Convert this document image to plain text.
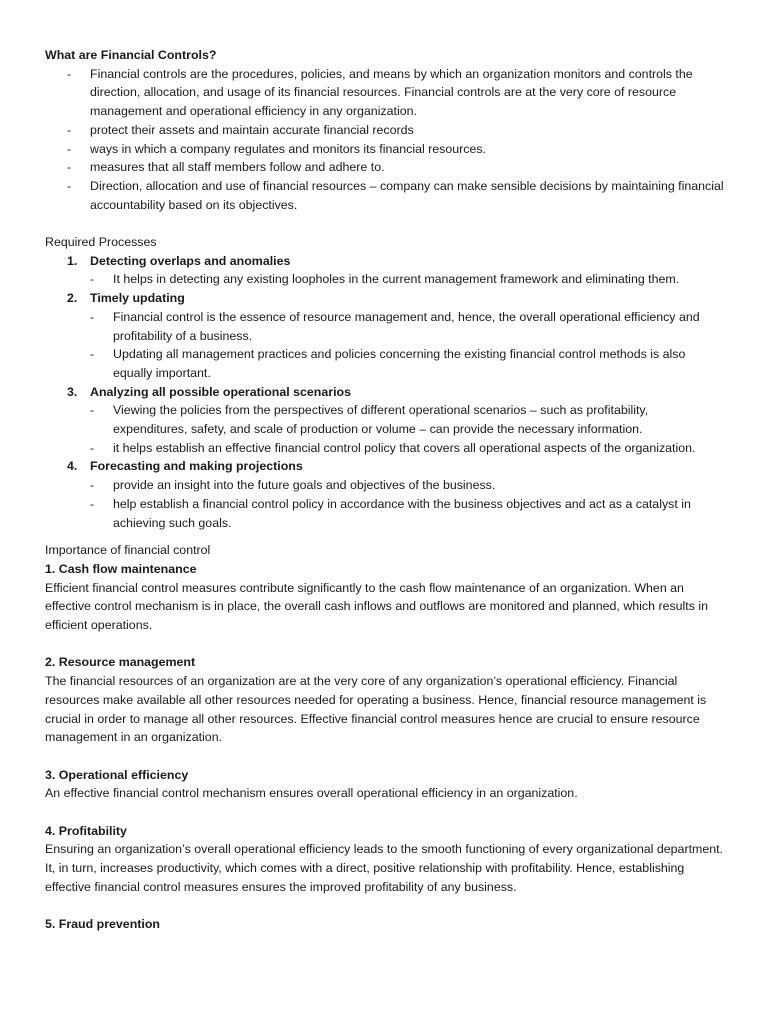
What are Financial Controls?
- Financial controls are the procedures, policies, and means by which an organization monitors and controls the direction, allocation, and usage of its financial resources. Financial controls are at the very core of resource management and operational efficiency in any organization.
- protect their assets and maintain accurate financial records
- ways in which a company regulates and monitors its financial resources.
- measures that all staff members follow and adhere to.
- Direction, allocation and use of financial resources – company can make sensible decisions by maintaining financial accountability based on its objectives.
Required Processes
1. Detecting overlaps and anomalies
- It helps in detecting any existing loopholes in the current management framework and eliminating them.
2. Timely updating
- Financial control is the essence of resource management and, hence, the overall operational efficiency and profitability of a business.
- Updating all management practices and policies concerning the existing financial control methods is also equally important.
3. Analyzing all possible operational scenarios
- Viewing the policies from the perspectives of different operational scenarios – such as profitability, expenditures, safety, and scale of production or volume – can provide the necessary information.
- it helps establish an effective financial control policy that covers all operational aspects of the organization.
4. Forecasting and making projections
- provide an insight into the future goals and objectives of the business.
- help establish a financial control policy in accordance with the business objectives and act as a catalyst in achieving such goals.
Importance of financial control
1. Cash flow maintenance
Efficient financial control measures contribute significantly to the cash flow maintenance of an organization. When an effective control mechanism is in place, the overall cash inflows and outflows are monitored and planned, which results in efficient operations.
2. Resource management
The financial resources of an organization are at the very core of any organization’s operational efficiency. Financial resources make available all other resources needed for operating a business. Hence, financial resource management is crucial in order to manage all other resources. Effective financial control measures hence are crucial to ensure resource management in an organization.
3. Operational efficiency
An effective financial control mechanism ensures overall operational efficiency in an organization.
4. Profitability
Ensuring an organization’s overall operational efficiency leads to the smooth functioning of every organizational department. It, in turn, increases productivity, which comes with a direct, positive relationship with profitability. Hence, establishing effective financial control measures ensures the improved profitability of any business.
5. Fraud prevention
